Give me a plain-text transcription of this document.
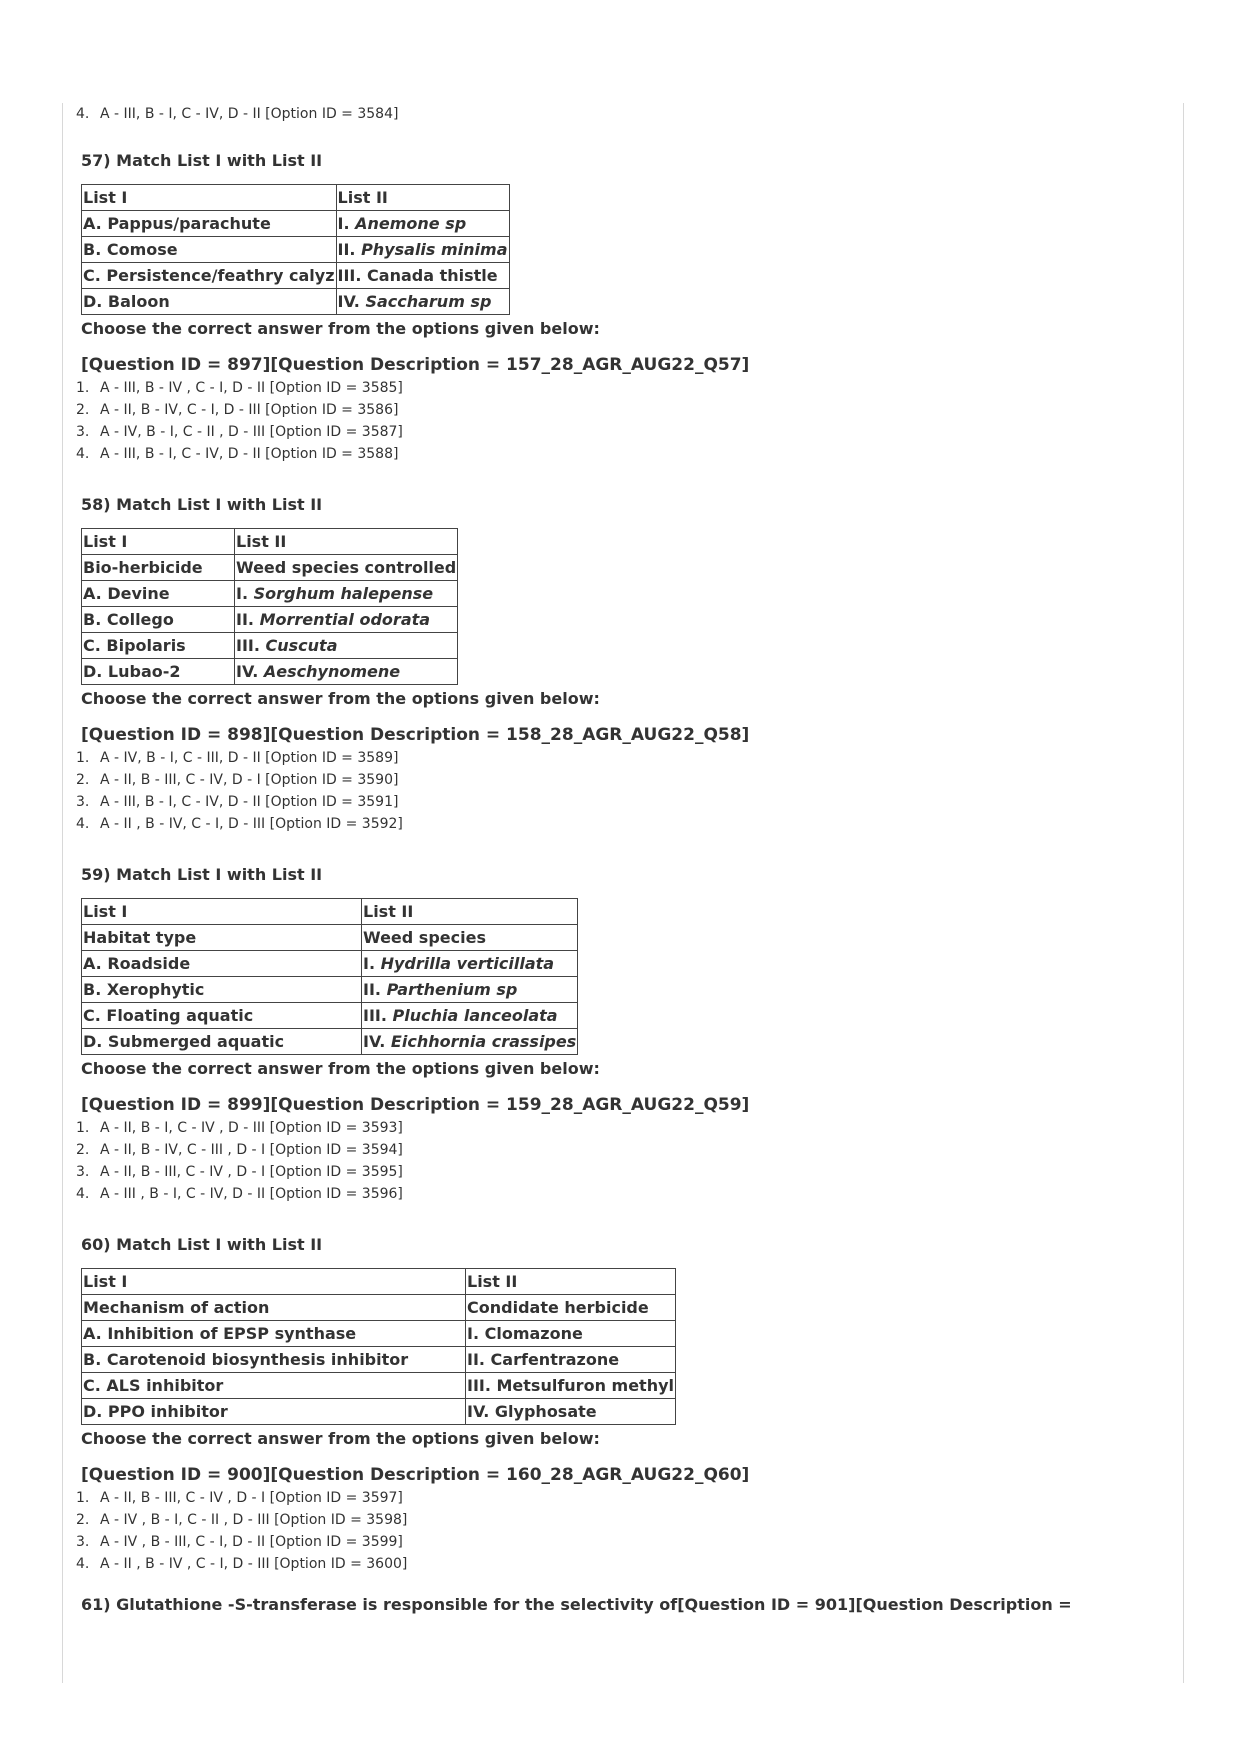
4. A - III, B - I, C - IV, D - II [Option ID = 3584]
57) Match List I with List II
List I	List II
A. Pappus/parachute	I. Anemone sp
B. Comose	II. Physalis minima
C. Persistence/feathry calyz	III. Canada thistle
D. Baloon	IV. Saccharum sp
Choose the correct answer from the options given below:
[Question ID = 897][Question Description = 157_28_AGR_AUG22_Q57]
1. A - III, B - IV , C - I, D - II [Option ID = 3585]
2. A - II, B - IV, C - I, D - III [Option ID = 3586]
3. A - IV, B - I, C - II , D - III [Option ID = 3587]
4. A - III, B - I, C - IV, D - II [Option ID = 3588]
58) Match List I with List II
List I	List II
Bio-herbicide	Weed species controlled
A. Devine	I. Sorghum halepense
B. Collego	II. Morrential odorata
C. Bipolaris	III. Cuscuta
D. Lubao-2	IV. Aeschynomene
Choose the correct answer from the options given below:
[Question ID = 898][Question Description = 158_28_AGR_AUG22_Q58]
1. A - IV, B - I, C - III, D - II [Option ID = 3589]
2. A - II, B - III, C - IV, D - I [Option ID = 3590]
3. A - III, B - I, C - IV, D - II [Option ID = 3591]
4. A - II , B - IV, C - I, D - III [Option ID = 3592]
59) Match List I with List II
List I	List II
Habitat type	Weed species
A. Roadside	I. Hydrilla verticillata
B. Xerophytic	II. Parthenium sp
C. Floating aquatic	III. Pluchia lanceolata
D. Submerged aquatic	IV. Eichhornia crassipes
Choose the correct answer from the options given below:
[Question ID = 899][Question Description = 159_28_AGR_AUG22_Q59]
1. A - II, B - I, C - IV , D - III [Option ID = 3593]
2. A - II, B - IV, C - III , D - I [Option ID = 3594]
3. A - II, B - III, C - IV , D - I [Option ID = 3595]
4. A - III , B - I, C - IV, D - II [Option ID = 3596]
60) Match List I with List II
List I	List II
Mechanism of action	Condidate herbicide
A. Inhibition of EPSP synthase	I. Clomazone
B. Carotenoid biosynthesis inhibitor	II. Carfentrazone
C. ALS inhibitor	III. Metsulfuron methyl
D. PPO inhibitor	IV. Glyphosate
Choose the correct answer from the options given below:
[Question ID = 900][Question Description = 160_28_AGR_AUG22_Q60]
1. A - II, B - III, C - IV , D - I [Option ID = 3597]
2. A - IV , B - I, C - II , D - III [Option ID = 3598]
3. A - IV , B - III, C - I, D - II [Option ID = 3599]
4. A - II , B - IV , C - I, D - III [Option ID = 3600]
61) Glutathione -S-transferase is responsible for the selectivity of[Question ID = 901][Question Description =
